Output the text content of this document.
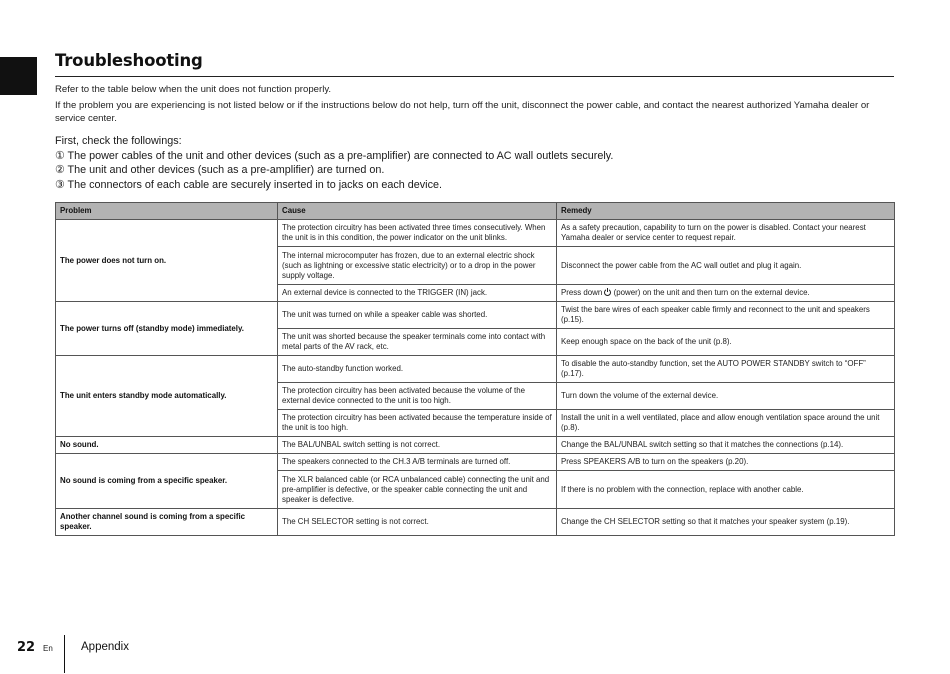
Troubleshooting

Refer to the table below when the unit does not function properly.

If the problem you are experiencing is not listed below or if the instructions below do not help, turn off the unit, disconnect the power cable, and contact the nearest authorized Yamaha dealer or service center.

First, check the followings:
① The power cables of the unit and other devices (such as a pre-amplifier) are connected to AC wall outlets securely.
② The unit and other devices (such as a pre-amplifier) are turned on.
③ The connectors of each cable are securely inserted in to jacks on each device.
Problem	Cause	Remedy
The power does not turn on.	The protection circuitry has been activated three times consecutively. When the unit is in this condition, the power indicator on the unit blinks.	As a safety precaution, capability to turn on the power is disabled. Contact your nearest Yamaha dealer or service center to request repair.
	The internal microcomputer has frozen, due to an external electric shock (such as lightning or excessive static electricity) or to a drop in the power supply voltage.	Disconnect the power cable from the AC wall outlet and plug it again.
	An external device is connected to the TRIGGER (IN) jack.	Press down (power) on the unit and then turn on the external device.
The power turns off (standby mode) immediately.	The unit was turned on while a speaker cable was shorted.	Twist the bare wires of each speaker cable firmly and reconnect to the unit and speakers (p.15).
	The unit was shorted because the speaker terminals come into contact with metal parts of the AV rack, etc.	Keep enough space on the back of the unit (p.8).
The unit enters standby mode automatically.	The auto-standby function worked.	To disable the auto-standby function, set the AUTO POWER STANDBY switch to “OFF” (p.17).
	The protection circuitry has been activated because the volume of the external device connected to the unit is too high.	Turn down the volume of the external device.
	The protection circuitry has been activated because the temperature inside of the unit is too high.	Install the unit in a well ventilated, place and allow enough ventilation space around the unit (p.8).
No sound.	The BAL/UNBAL switch setting is not correct.	Change the BAL/UNBAL switch setting so that it matches the connections (p.14).
No sound is coming from a specific speaker.	The speakers connected to the CH.3 A/B terminals are turned off.	Press SPEAKERS A/B to turn on the speakers (p.20).
	The XLR balanced cable (or RCA unbalanced cable) connecting the unit and pre-amplifier is defective, or the speaker cable connecting the unit and speaker is defective.	If there is no problem with the connection, replace with another cable.
Another channel sound is coming from a specific speaker.	The CH SELECTOR setting is not correct.	Change the CH SELECTOR setting so that it matches your speaker system (p.19).
22 En Appendix
